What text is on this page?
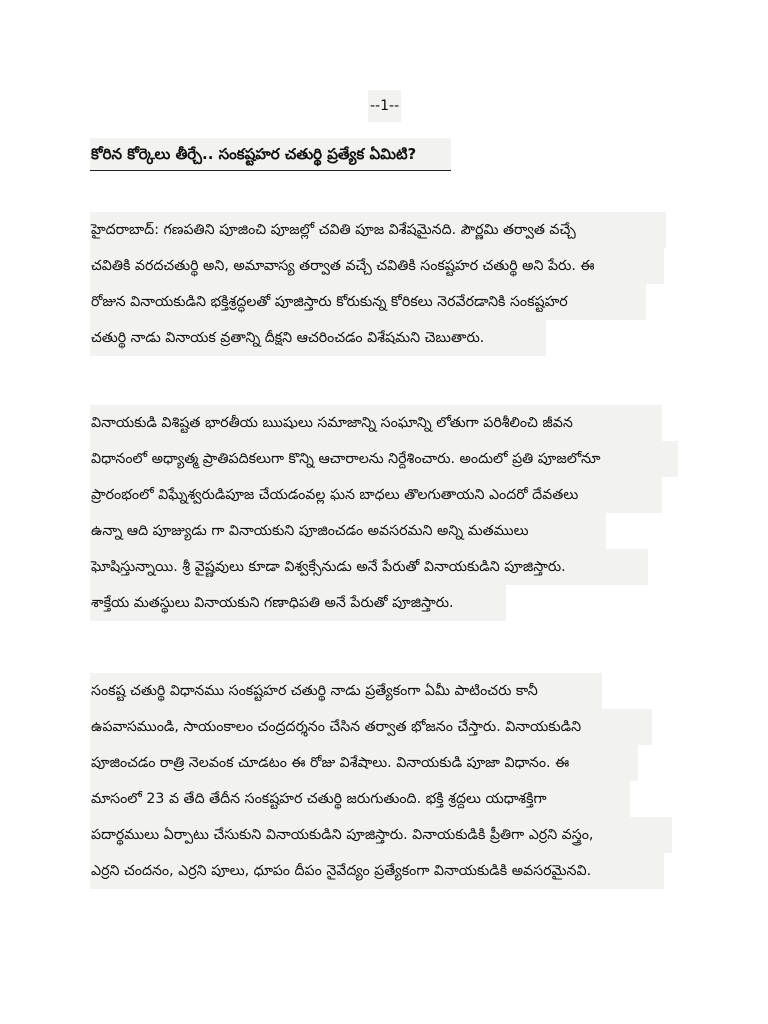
--1--
కోరిన కోర్కెలు తీర్చే.. సంకష్టహర చతుర్థి ప్రత్యేక ఏమిటి?
హైదరాబాద్: గణపతిని పూజించి పూజల్లో చవితి పూజ విశేషమైనది. పౌర్ణమి తర్వాత వచ్చే
చవితికి వరదచతుర్థి అని, అమావాస్య తర్వాత వచ్చే చవితికి సంకష్టహర చతుర్థి అని పేరు. ఈ
రోజున వినాయకుడిని భక్తిశ్రద్ధలతో పూజిస్తారు కోరుకున్న కోరికలు నెరవేరడానికి సంకష్టహర
చతుర్థి నాడు వినాయక వ్రతాన్ని దీక్షని ఆచరించడం విశేషమని చెబుతారు.
వినాయకుడి విశిష్టత భారతీయ ఋషులు సమాజాన్ని సంఘాన్ని లోతుగా పరిశీలించి జీవన
విధానంలో అధ్యాత్మ ప్రాతిపదికలుగా కొన్ని ఆచారాలను నిర్దేశించారు. అందులో ప్రతి పూజలోనూ
ప్రారంభంలో విఘ్నేశ్వరుడిపూజ చేయడంవల్ల ఘన బాధలు తొలగుతాయని ఎందరో దేవతలు
ఉన్నా ఆది పూజ్యుడు గా వినాయకుని పూజించడం అవసరమని అన్ని మతములు
ఘోషిస్తున్నాయి. శ్రీ వైష్ణవులు కూడా విశ్వక్సేనుడు అనే పేరుతో వినాయకుడిని పూజిస్తారు.
శాక్తేయ మతస్థులు వినాయకుని గణాధిపతి అనే పేరుతో పూజిస్తారు.
సంకష్ట చతుర్థి విధానము సంకష్టహర చతుర్థి నాడు ప్రత్యేకంగా ఏమీ పాటించరు కానీ
ఉపవాసముండి, సాయంకాలం చంద్రదర్శనం చేసిన తర్వాత భోజనం చేస్తారు. వినాయకుడిని
పూజించడం రాత్రి నెలవంక చూడటం ఈ రోజు విశేషాలు. వినాయకుడి పూజా విధానం. ఈ
మాసంలో 23 వ తేది తేదీన సంకష్టహర చతుర్థి జరుగుతుంది. భక్తి శ్రద్దలు యధాశక్తిగా
పదార్థములు ఏర్పాటు చేసుకుని వినాయకుడిని పూజిస్తారు. వినాయకుడికి ప్రీతిగా ఎర్రని వస్త్రం,
ఎర్రని చందనం, ఎర్రని పూలు, ధూపం దీపం నైవేద్యం ప్రత్యేకంగా వినాయకుడికి అవసరమైనవి.
